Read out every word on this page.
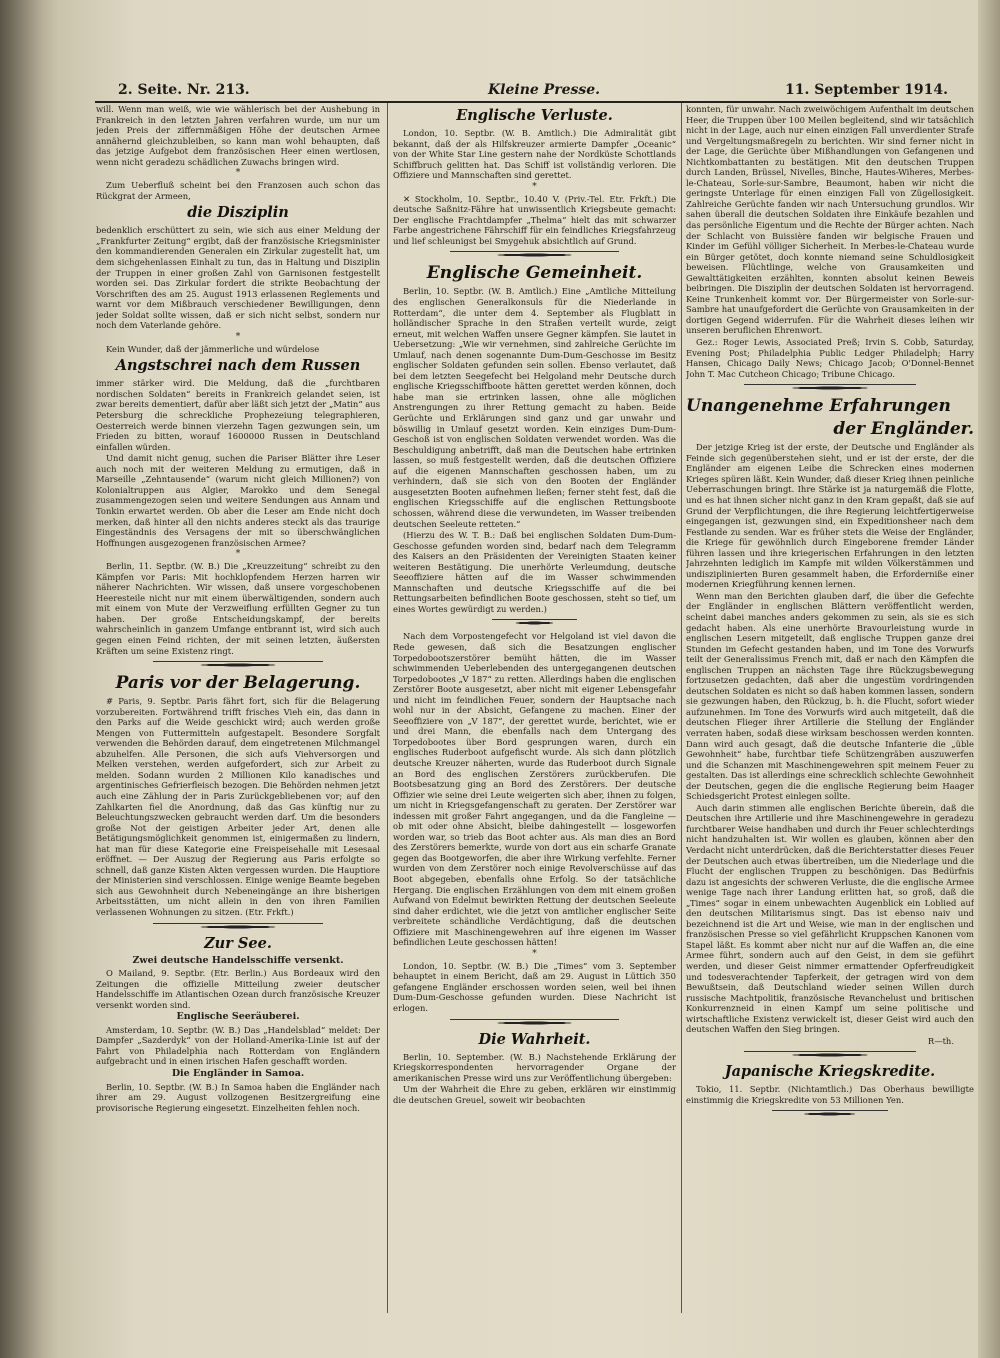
2. Seite. Nr. 213.	Kleine Presse.	11. September 1914.

will. Wenn man weiß, wie wie wählerisch bei der Aushebung in Frankreich in den letzten Jahren verfahren wurde, um nur um jeden Preis der ziffernmäßigen Höhe der deutschen Armee annähernd gleichzubleiben, so kann man wohl behaupten, daß das jetzige Aufgebot dem französischen Heer einen wertlosen, wenn nicht geradezu schädlichen Zuwachs bringen wird.

*

Zum Ueberfluß scheint bei den Franzosen auch schon das Rückgrat der Armeen,

die Disziplin

bedenklich erschüttert zu sein, wie sich aus einer Meldung der „Frankfurter Zeitung“ ergibt, daß der französische Kriegsminister den kommandierenden Generalen ein Zirkular zugestellt hat, um dem sichgehenlassen Einhalt zu tun, das in Haltung und Disziplin der Truppen in einer großen Zahl von Garnisonen festgestellt worden sei. Das Zirkular fordert die strikte Beobachtung der Vorschriften des am 25. August 1913 erlassenen Reglements und warnt vor dem Mißbrauch verschiedener Bewilligungen, denn jeder Soldat sollte wissen, daß er sich nicht selbst, sondern nur noch dem Vaterlande gehöre.

*

Kein Wunder, daß der jämmerliche und würdelose

Angstschrei nach dem Russen

immer stärker wird. Die Meldung, daß die „furchtbaren nordischen Soldaten“ bereits in Frankreich gelandet seien, ist zwar bereits dementiert, dafür aber läßt sich jetzt der „Matin“ aus Petersburg die schreckliche Prophezeiung telegraphieren, Oesterreich werde binnen vierzehn Tagen gezwungen sein, um Frieden zu bitten, worauf 1600000 Russen in Deutschland einfallen würden.

Und damit nicht genug, suchen die Pariser Blätter ihre Leser auch noch mit der weiteren Meldung zu ermutigen, daß in Marseille „Zehntausende“ (warum nicht gleich Millionen?) von Kolonialtruppen aus Algier, Marokko und dem Senegal zusammengezogen seien und weitere Sendungen aus Annam und Tonkin erwartet werden. Ob aber die Leser am Ende nicht doch merken, daß hinter all den nichts anderes steckt als das traurige Eingeständnis des Versagens der mit so überschwänglichen Hoffnungen ausgezogenen französischen Armee?

*

Berlin, 11. Septbr. (W. B.) Die „Kreuzzeitung“ schreibt zu den Kämpfen vor Paris: Mit hochklopfendem Herzen harren wir näherer Nachrichten. Wir wissen, daß unsere vorgeschobenen Heeresteile nicht nur mit einem überwältigenden, sondern auch mit einem von Mute der Verzweiflung erfüllten Gegner zu tun haben. Der große Entscheidungskampf, der bereits wahrscheinlich in ganzem Umfange entbrannt ist, wird sich auch gegen einen Feind richten, der mit seinen letzten, äußersten Kräften um seine Existenz ringt.

Paris vor der Belagerung.

# Paris, 9. Septbr. Paris fährt fort, sich für die Belagerung vorzubereiten. Fortwährend trifft frisches Vieh ein, das dann in den Parks auf die Weide geschickt wird; auch werden große Mengen von Futtermitteln aufgestapelt. Besondere Sorgfalt verwenden die Behörden darauf, dem eingetretenen Milchmangel abzuhelfen. Alle Personen, die sich aufs Viehversorgen und Melken verstehen, werden aufgefordert, sich zur Arbeit zu melden. Sodann wurden 2 Millionen Kilo kanadisches und argentinisches Gefrierfleisch bezogen. Die Behörden nehmen jetzt auch eine Zählung der in Paris Zurückgebliebenen vor; auf den Zahlkarten fiel die Anordnung, daß das Gas künftig nur zu Beleuchtungszwecken gebraucht werden darf. Um die besonders große Not der geistigen Arbeiter jeder Art, denen alle Betätigungsmöglichkeit genommen ist, einigermaßen zu lindern, hat man für diese Kategorie eine Freispeisehalle mit Lesesaal eröffnet. — Der Auszug der Regierung aus Paris erfolgte so schnell, daß ganze Kisten Akten vergessen wurden. Die Hauptiore der Ministerien sind verschlossen. Einige wenige Beamte begeben sich aus Gewohnheit durch Nebeneingänge an ihre bisherigen Arbeitsstätten, um nicht allein in den von ihren Familien verlassenen Wohnungen zu sitzen. (Etr. Frkft.)

Zur See.
Zwei deutsche Handelsschiffe versenkt.

O Mailand, 9. Septbr. (Etr. Berlin.) Aus Bordeaux wird den Zeitungen die offizielle Mitteilung zweier deutscher Handelsschiffe im Atlantischen Ozean durch französische Kreuzer versenkt worden sind.

Englische Seeräuberei.

Amsterdam, 10. Septbr. (W. B.) Das „Handelsblad“ meldet: Der Dampfer „Sazderdyk“ von der Holland-Amerika-Linie ist auf der Fahrt von Philadelphia nach Rotterdam von Engländern aufgebracht und in einen irischen Hafen geschafft worden.

Die Engländer in Samoa.

Berlin, 10. Septbr. (W. B.) In Samoa haben die Engländer nach ihrer am 29. August vollzogenen Besitzergreifung eine provisorische Regierung eingesetzt. Einzelheiten fehlen noch.

Englische Verluste.

London, 10. Septbr. (W. B. Amtlich.) Die Admiralität gibt bekannt, daß der als Hilfskreuzer armierte Dampfer „Oceanic“ von der White Star Line gestern nahe der Nordküste Schottlands Schiffbruch gelitten hat. Das Schiff ist vollständig verloren. Die Offiziere und Mannschaften sind gerettet.

*

✕ Stockholm, 10. Septbr., 10.40 V. (Priv.-Tel. Etr. Frkft.) Die deutsche Saßnitz-Fähre hat unwissentlich Kriegsbeute gemacht: Der englische Frachtdampfer „Thelma“ hielt das mit schwarzer Farbe angestrichene Fährschiff für ein feindliches Kriegsfahrzeug und lief schleunigst bei Smygehuk absichtlich auf Grund.

Englische Gemeinheit.

Berlin, 10. Septbr. (W. B. Amtlich.) Eine „Amtliche Mitteilung des englischen Generalkonsuls für die Niederlande in Rotterdam“, die unter dem 4. September als Flugblatt in holländischer Sprache in den Straßen verteilt wurde, zeigt erneut, mit welchen Waffen unsere Gegner kämpfen. Sie lautet in Uebersetzung: „Wie wir vernehmen, sind zahlreiche Gerüchte im Umlauf, nach denen sogenannte Dum-Dum-Geschosse im Besitz englischer Soldaten gefunden sein sollen. Ebenso verlautet, daß bei dem letzten Seegefecht bei Helgoland mehr Deutsche durch englische Kriegsschiffboote hätten gerettet werden können, doch habe man sie ertrinken lassen, ohne alle möglichen Anstrengungen zu ihrer Rettung gemacht zu haben. Beide Gerüchte und Erklärungen sind ganz und gar unwahr und böswillig in Umlauf gesetzt worden. Kein einziges Dum-Dum-Geschoß ist von englischen Soldaten verwendet worden. Was die Beschuldigung anbetrifft, daß man die Deutschen habe ertrinken lassen, so muß festgestellt werden, daß die deutschen Offiziere auf die eigenen Mannschaften geschossen haben, um zu verhindern, daß sie sich von den Booten der Engländer ausgesetzten Booten aufnehmen ließen; ferner steht fest, daß die englischen Kriegsschiffe auf die englischen Rettungsboote schossen, während diese die verwundeten, im Wasser treibenden deutschen Seeleute retteten.“

(Hierzu des W. T. B.: Daß bei englischen Soldaten Dum-Dum-Geschosse gefunden worden sind, bedarf nach dem Telegramm des Kaisers an den Präsidenten der Vereinigten Staaten keiner weiteren Bestätigung. Die unerhörte Verleumdung, deutsche Seeoffiziere hätten auf die im Wasser schwimmenden Mannschaften und deutsche Kriegsschiffe auf die bei Rettungsarbeiten befindlichen Boote geschossen, steht so tief, um eines Wortes gewürdigt zu werden.)

Nach dem Vorpostengefecht vor Helgoland ist viel davon die Rede gewesen, daß sich die Besatzungen englischer Torpedobootszerstörer bemüht hätten, die im Wasser schwimmenden Ueberlebenden des untergegangenen deutschen Torpedobootes „V 187“ zu retten. Allerdings haben die englischen Zerstörer Boote ausgesetzt, aber nicht mit eigener Lebensgefahr und nicht im feindlichen Feuer, sondern der Hauptsache nach wohl nur in der Absicht, Gefangene zu machen. Einer der Seeoffiziere von „V 187“, der gerettet wurde, berichtet, wie er und drei Mann, die ebenfalls nach dem Untergang des Torpedobootes über Bord gesprungen waren, durch ein englisches Ruderboot aufgefischt wurde. Als sich dann plötzlich deutsche Kreuzer näherten, wurde das Ruderboot durch Signale an Bord des englischen Zerstörers zurückberufen. Die Bootsbesatzung ging an Bord des Zerstörers. Der deutsche Offizier wie seine drei Leute weigerten sich aber, ihnen zu folgen, um nicht in Kriegsgefangenschaft zu geraten. Der Zerstörer war indessen mit großer Fahrt angegangen, und da die Fangleine — ob mit oder ohne Absicht, bleibe dahingestellt — losgeworfen worden war, so trieb das Boot achter aus. Als man dies an Bord des Zerstörers bemerkte, wurde von dort aus ein scharfe Granate gegen das Bootgeworfen, die aber ihre Wirkung verfehlte. Ferner wurden von dem Zerstörer noch einige Revolverschüsse auf das Boot abgegeben, ebenfalls ohne Erfolg. So der tatsächliche Hergang. Die englischen Erzählungen von dem mit einem großen Aufwand von Edelmut bewirkten Rettung der deutschen Seeleute sind daher erdichtet, wie die jetzt von amtlicher englischer Seite verbreitete schändliche Verdächtigung, daß die deutschen Offiziere mit Maschinengewehren auf ihre eigenen im Wasser befindlichen Leute geschossen hätten!

*

London, 10. Septbr. (W. B.) Die „Times“ vom 3. September behauptet in einem Bericht, daß am 29. August in Lüttich 350 gefangene Engländer erschossen worden seien, weil bei ihnen Dum-Dum-Geschosse gefunden wurden. Diese Nachricht ist erlogen.

Die Wahrheit.

Berlin, 10. September. (W. B.) Nachstehende Erklärung der Kriegskorrespondenten hervorragender Organe der amerikanischen Presse wird uns zur Veröffentlichung übergeben:

Um der Wahrheit die Ehre zu geben, erklären wir einstimmig die deutschen Greuel, soweit wir beobachten

konnten, für unwahr. Nach zweiwöchigem Aufenthalt im deutschen Heer, die Truppen über 100 Meilen begleitend, sind wir tatsächlich nicht in der Lage, auch nur einen einzigen Fall unverdienter Strafe und Vergeltungsmaßregeln zu berichten. Wir sind ferner nicht in der Lage, die Gerüchte über Mißhandlungen von Gefangenen und Nichtkombattanten zu bestätigen. Mit den deutschen Truppen durch Landen, Brüssel, Nivelles, Binche, Hautes-Wiheres, Merbes-le-Chateau, Sorle-sur-Sambre, Beaumont, haben wir nicht die geringste Unterlage für einen einzigen Fall von Zügellosigkeit. Zahlreiche Gerüchte fanden wir nach Untersuchung grundlos. Wir sahen überall die deutschen Soldaten ihre Einkäufe bezahlen und das persönliche Eigentum und die Rechte der Bürger achten. Nach der Schlacht von Buissière fanden wir belgische Frauen und Kinder im Gefühl völliger Sicherheit. In Merbes-le-Chateau wurde ein Bürger getötet, doch konnte niemand seine Schuldlosigkeit beweisen. Flüchtlinge, welche von Grausamkeiten und Gewalttätigkeiten erzählten, konnten absolut keinen Beweis beibringen. Die Disziplin der deutschen Soldaten ist hervorragend. Keine Trunkenheit kommt vor. Der Bürgermeister von Sorle-sur-Sambre hat unaufgefordert die Gerüchte von Grausamkeiten in der dortigen Gegend widerrufen. Für die Wahrheit dieses leihen wir unseren beruflichen Ehrenwort.

Gez.: Roger Lewis, Associated Preß; Irvin S. Cobb, Saturday, Evening Post; Philadelphia Public Ledger Philadelph; Harry Hansen, Chicago Daily News; Chicago Jacob; O'Donnel-Bennet John T. Mac Cutcheon Chicago; Tribune Chicago.

Unangenehme Erfahrungen
der Engländer.

Der jetzige Krieg ist der erste, der Deutsche und Engländer als Feinde sich gegenüberstehen sieht, und er ist der erste, der die Engländer am eigenen Leibe die Schrecken eines modernen Krieges spüren läßt. Kein Wunder, daß dieser Krieg ihnen peinliche Ueberraschungen bringt. Ihre Stärke ist ja naturgemäß die Flotte, und es hat ihnen sicher nicht ganz in den Kram gepaßt, daß sie auf Grund der Verpflichtungen, die ihre Regierung leichtfertigerweise eingegangen ist, gezwungen sind, ein Expeditionsheer nach dem Festlande zu senden. War es früher stets die Weise der Engländer, die Kriege für gewöhnlich durch Eingeborene fremder Länder führen lassen und ihre kriegerischen Erfahrungen in den letzten Jahrzehnten lediglich im Kampfe mit wilden Völkerstämmen und undisziplinierten Buren gesammelt haben, die Erforderniße einer modernen Kriegführung kennen lernen.

Wenn man den Berichten glauben darf, die über die Gefechte der Engländer in englischen Blättern veröffentlicht werden, scheint dabei manches anders gekommen zu sein, als sie es sich gedacht haben. Als eine unerhörte Bravourleistung wurde in englischen Lesern mitgeteilt, daß englische Truppen ganze drei Stunden im Gefecht gestanden haben, und im Tone des Vorwurfs teilt der Generalissimus French mit, daß er nach den Kämpfen die englischen Truppen an nächsten Tage ihre Rückzugsbewegung fortzusetzen gedachten, daß aber die ungestüm vordringenden deutschen Soldaten es nicht so daß haben kommen lassen, sondern sie gezwungen haben, den Rückzug, b. h. die Flucht, sofort wieder aufzunehmen. Im Tone des Vorwurfs wird auch mitgeteilt, daß die deutschen Flieger ihrer Artillerie die Stellung der Engländer verraten haben, sodaß diese wirksam beschossen werden konnten. Dann wird auch gesagt, daß die deutsche Infanterie die „üble Gewohnheit“ habe, furchtbar tiefe Schützengräben auszuwerfen und die Schanzen mit Maschinengewehren spit meinem Feuer zu gestalten. Das ist allerdings eine schrecklich schlechte Gewohnheit der Deutschen, gegen die die englische Regierung beim Haager Schiedsgericht Protest einlegen sollte.

Auch darin stimmen alle englischen Berichte überein, daß die Deutschen ihre Artillerie und ihre Maschinengewehre in geradezu furchtbarer Weise handhaben und durch ihr Feuer schlechterdings nicht handzuhalten ist. Wir wollen es glauben, können aber den Verdacht nicht unterdrücken, daß die Berichterstatter dieses Feuer der Deutschen auch etwas übertreiben, um die Niederlage und die Flucht der englischen Truppen zu beschönigen. Das Bedürfnis dazu ist angesichts der schweren Verluste, die die englische Armee wenige Tage nach ihrer Landung erlitten hat, so groß, daß die „Times“ sogar in einem unbewachten Augenblick ein Loblied auf den deutschen Militarismus singt. Das ist ebenso naiv und bezeichnend ist die Art und Weise, wie man in der englischen und französischen Presse so viel gefährlicht Kruppschen Kanonen vom Stapel läßt. Es kommt aber nicht nur auf die Waffen an, die eine Armee führt, sondern auch auf den Geist, in dem sie geführt werden, und dieser Geist nimmer ermattender Opferfreudigkeit und todesverachtender Tapferkeit, der getragen wird von dem Bewußtsein, daß Deutschland wieder seinen Willen durch russische Machtpolitik, französische Revanchelust und britischen Konkurrenzneid in einen Kampf um seine politische und wirtschaftliche Existenz verwickelt ist, dieser Geist wird auch den deutschen Waffen den Sieg bringen.

R—th.
Japanische Kriegskredite.

Tokio, 11. Septbr. (Nichtamtlich.) Das Oberhaus bewilligte einstimmig die Kriegskredite von 53 Millionen Yen.
